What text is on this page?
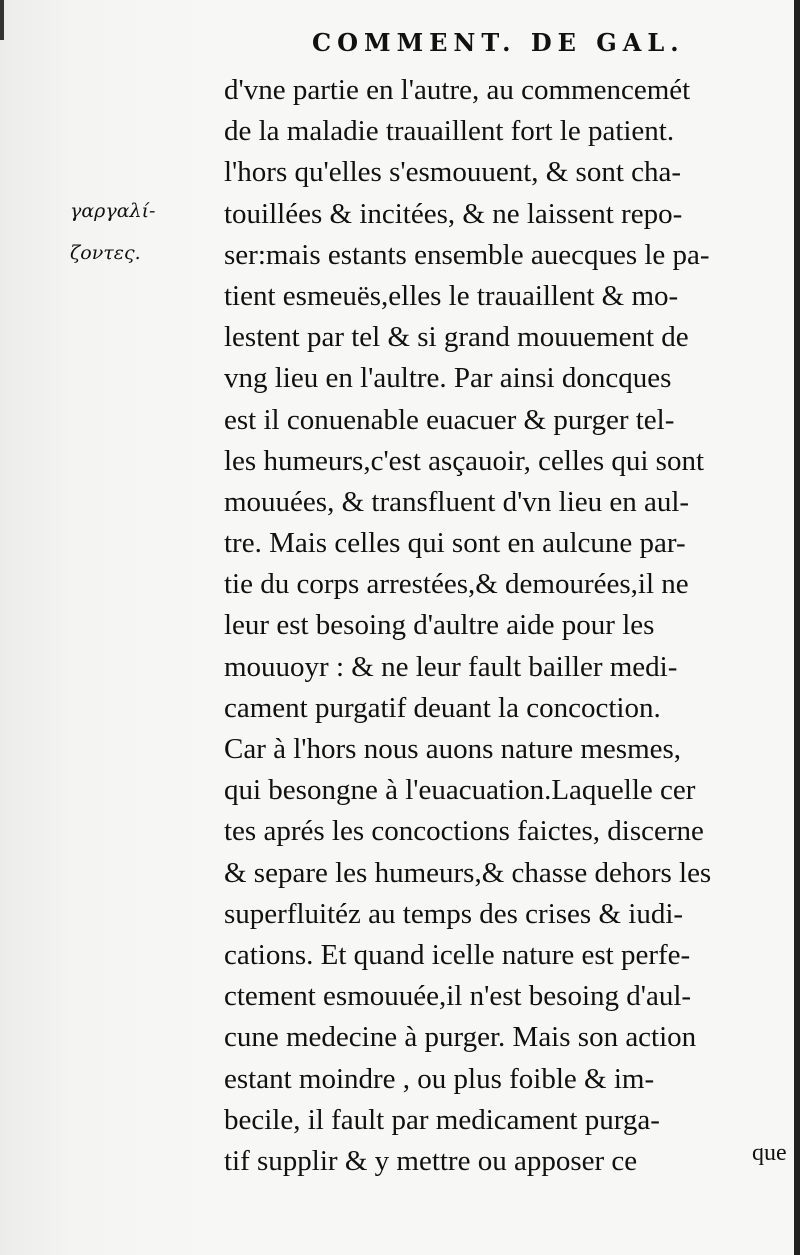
COMMENT. DE GAL.
γαργαλί-
ζοντες.
d'vne partie en l'autre, au commencemét
de la maladie trauaillent fort le patient.
l'hors qu'elles s'esmouuent, & sont cha-
touillées & incitées, & ne laissent repo-
ser:mais estants ensemble auecques le pa-
tient esmeuës,elles le trauaillent & mo-
lestent par tel & si grand mouuement de
vng lieu en l'aultre. Par ainsi doncques
est il conuenable euacuer & purger tel-
les humeurs,c'est asçauoir, celles qui sont
mouuées, & transfluent d'vn lieu en aul-
tre. Mais celles qui sont en aulcune par-
tie du corps arrestées,& demourées,il ne
leur est besoing d'aultre aide pour les
mouuoyr : & ne leur fault bailler medi-
cament purgatif deuant la concoction.
Car à l'hors nous auons nature mesmes,
qui besongne à l'euacuation.Laquelle cer
tes aprés les concoctions faictes, discerne
& separe les humeurs,& chasse dehors les
superfluitéz au temps des crises & iudi-
cations. Et quand icelle nature est perfe-
ctement esmouuée,il n'est besoing d'aul-
cune medecine à purger. Mais son action
estant moindre , ou plus foible & im-
becile, il fault par medicament purga-
tif supplir & y mettre ou apposer ce	que
